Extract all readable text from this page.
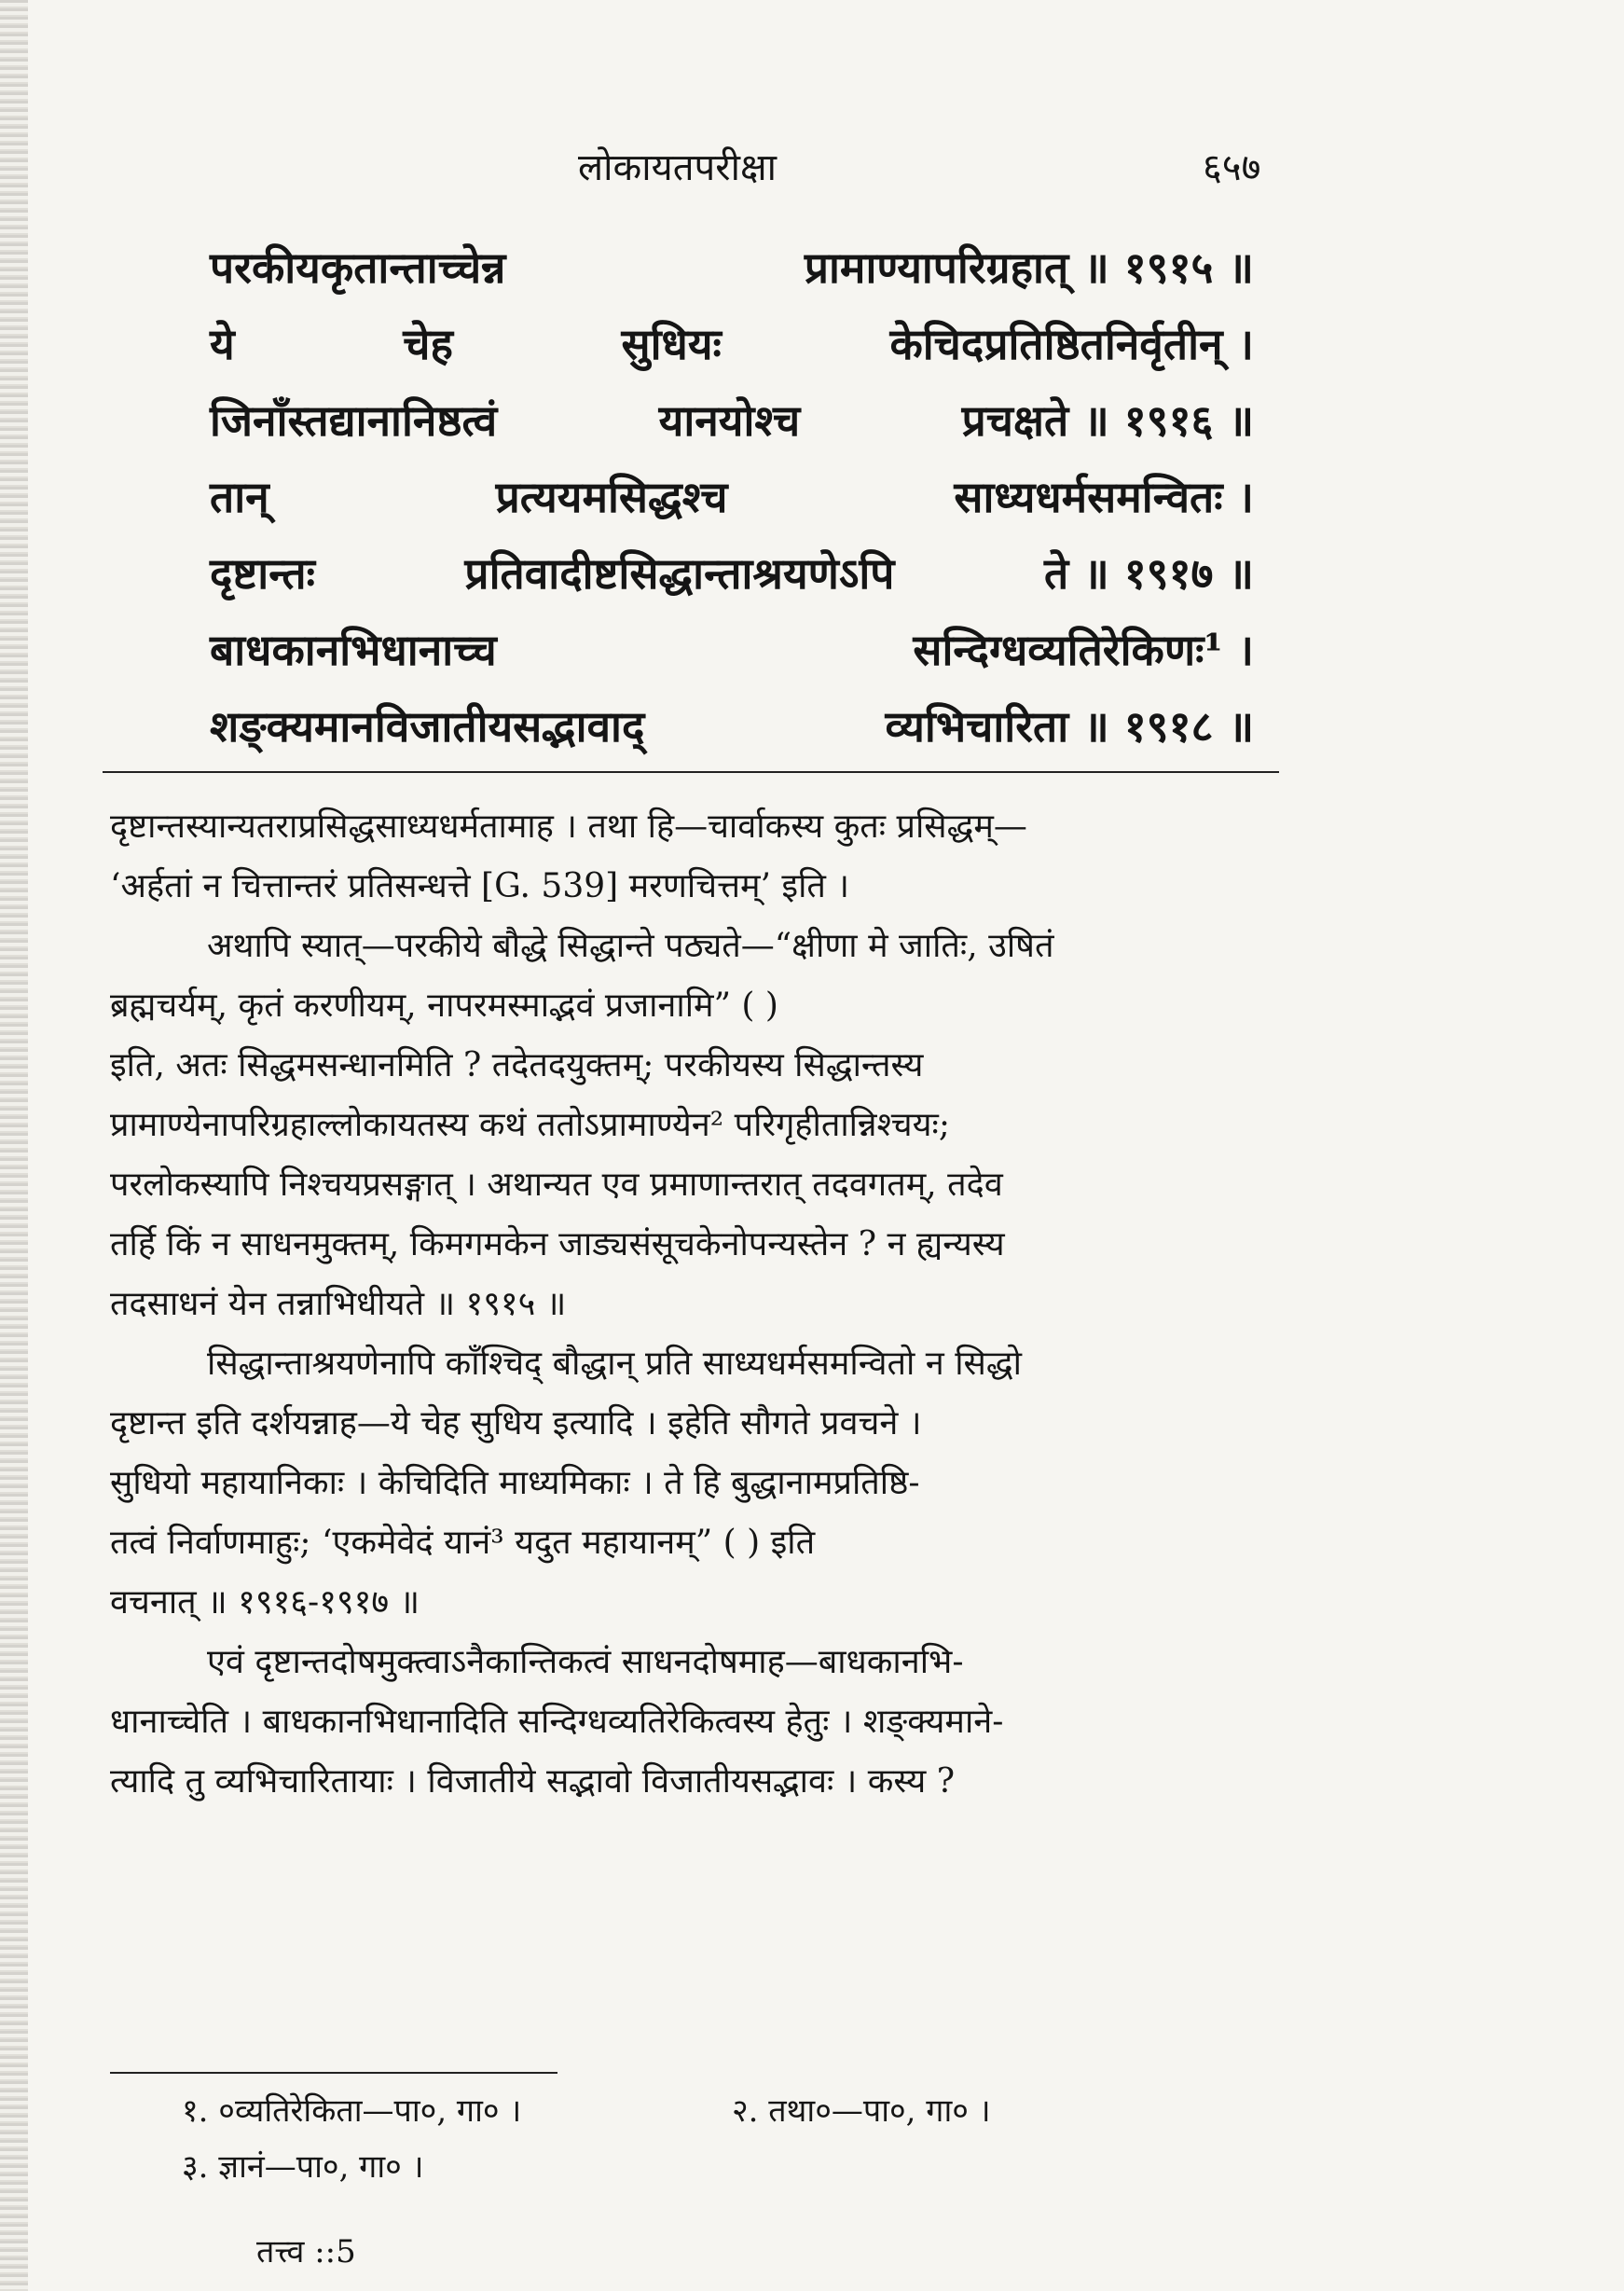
लोकायतपरीक्षा	६५७
परकीयकृतान्ताच्चेन्न	प्रामाण्यापरिग्रहात् ॥ १९१५ ॥
ये	चेह	सुधियः	केचिदप्रतिष्ठितनिर्वृतीन् ।
जिनाँस्तद्यानानिष्ठत्वं	यानयोश्च	प्रचक्षते ॥ १९१६ ॥
तान्	प्रत्ययमसिद्धश्च	साध्यधर्मसमन्वितः ।
दृष्टान्तः	प्रतिवादीष्टसिद्धान्ताश्रयणेऽपि	ते ॥ १९१७ ॥
बाधकानभिधानाच्च	सन्दिग्धव्यतिरेकिणः¹ ।
शङ्क्यमानविजातीयसद्भावाद्	व्यभिचारिता ॥ १९१८ ॥
दृष्टान्तस्यान्यतराप्रसिद्धसाध्यधर्मतामाह । तथा हि—चार्वाकस्य कुतः प्रसिद्धम्—
‘अर्हतां न चित्तान्तरं प्रतिसन्धत्ते [G. 539] मरणचित्तम्’ इति ।
अथापि स्यात्—परकीये बौद्धे सिद्धान्ते पठ्यते—“क्षीणा मे जातिः, उषितं
ब्रह्मचर्यम्, कृतं करणीयम्, नापरमस्माद्भवं प्रजानामि” ( )
इति, अतः सिद्धमसन्धानमिति ? तदेतदयुक्तम्; परकीयस्य सिद्धान्तस्य
प्रामाण्येनापरिग्रहाल्लोकायतस्य कथं ततोऽप्रामाण्येन² परिगृहीतान्निश्चयः;
परलोकस्यापि निश्चयप्रसङ्गात् । अथान्यत एव प्रमाणान्तरात् तदवगतम्, तदेव
तर्हि किं न साधनमुक्तम्, किमगमकेन जाड्यसंसूचकेनोपन्यस्तेन ? न ह्यन्यस्य
तदसाधनं येन तन्नाभिधीयते ॥ १९१५ ॥
सिद्धान्ताश्रयणेनापि काँश्चिद् बौद्धान् प्रति साध्यधर्मसमन्वितो न सिद्धो
दृष्टान्त इति दर्शयन्नाह—ये चेह सुधिय इत्यादि । इहेति सौगते प्रवचने ।
सुधियो महायानिकाः । केचिदिति माध्यमिकाः । ते हि बुद्धानामप्रतिष्ठि-
तत्वं निर्वाणमाहुः; ‘एकमेवेदं यानं³ यदुत महायानम्” ( ) इति
वचनात् ॥ १९१६-१९१७ ॥
एवं दृष्टान्तदोषमुक्त्वाऽनैकान्तिकत्वं साधनदोषमाह—बाधकानभि-
धानाच्चेति । बाधकानभिधानादिति सन्दिग्धव्यतिरेकित्वस्य हेतुः । शङ्क्यमाने-
त्यादि तु व्यभिचारितायाः । विजातीये सद्भावो विजातीयसद्भावः । कस्य ?
१. ०व्यतिरेकिता—पा०, गा० ।	२. तथा०—पा०, गा० ।
३. ज्ञानं—पा०, गा० ।
तत्त्व ::5
